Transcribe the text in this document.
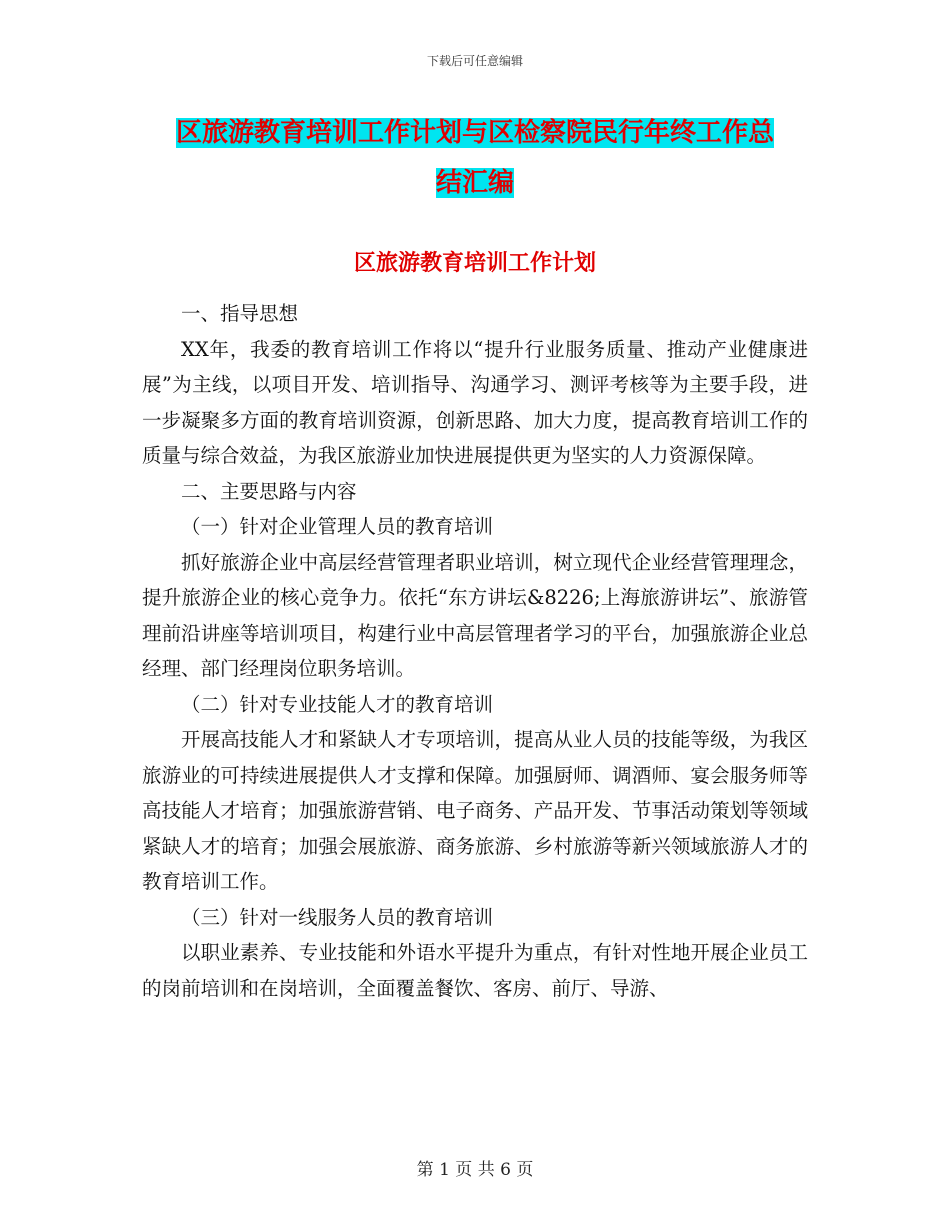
下载后可任意编辑
区旅游教育培训工作计划与区检察院民行年终工作总
结汇编
区旅游教育培训工作计划

一、指导思想

XX年，我委的教育培训工作将以“提升行业服务质量、推动产业健康进展”为主线，以项目开发、培训指导、沟通学习、测评考核等为主要手段，进一步凝聚多方面的教育培训资源，创新思路、加大力度，提高教育培训工作的质量与综合效益，为我区旅游业加快进展提供更为坚实的人力资源保障。

二、主要思路与内容

（一）针对企业管理人员的教育培训

抓好旅游企业中高层经营管理者职业培训，树立现代企业经营管理理念，提升旅游企业的核心竞争力。依托“东方讲坛&8226;上海旅游讲坛”、旅游管理前沿讲座等培训项目，构建行业中高层管理者学习的平台，加强旅游企业总经理、部门经理岗位职务培训。

（二）针对专业技能人才的教育培训

开展高技能人才和紧缺人才专项培训，提高从业人员的技能等级，为我区旅游业的可持续进展提供人才支撑和保障。加强厨师、调酒师、宴会服务师等高技能人才培育；加强旅游营销、电子商务、产品开发、节事活动策划等领域紧缺人才的培育；加强会展旅游、商务旅游、乡村旅游等新兴领域旅游人才的教育培训工作。

（三）针对一线服务人员的教育培训

以职业素养、专业技能和外语水平提升为重点，有针对性地开展企业员工的岗前培训和在岗培训，全面覆盖餐饮、客房、前厅、导游、

第 1 页 共 6 页
